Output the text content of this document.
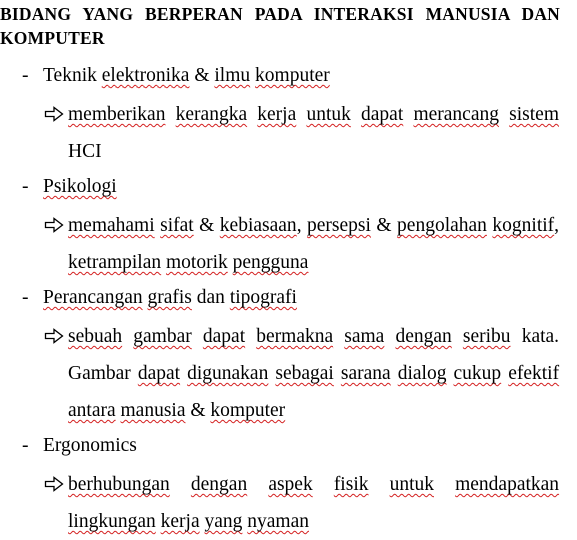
BIDANG YANG BERPERAN PADA INTERAKSI MANUSIA DAN KOMPUTER
- Teknik elektronika & ilmu komputer
memberikan kerangka kerja untuk dapat merancang sistem HCI
- Psikologi
memahami sifat & kebiasaan, persepsi & pengolahan kognitif, ketrampilan motorik pengguna
- Perancangan grafis dan tipografi
sebuah gambar dapat bermakna sama dengan seribu kata. Gambar dapat digunakan sebagai sarana dialog cukup efektif antara manusia & komputer
- Ergonomics
berhubungan dengan aspek fisik untuk mendapatkan lingkungan kerja yang nyaman
